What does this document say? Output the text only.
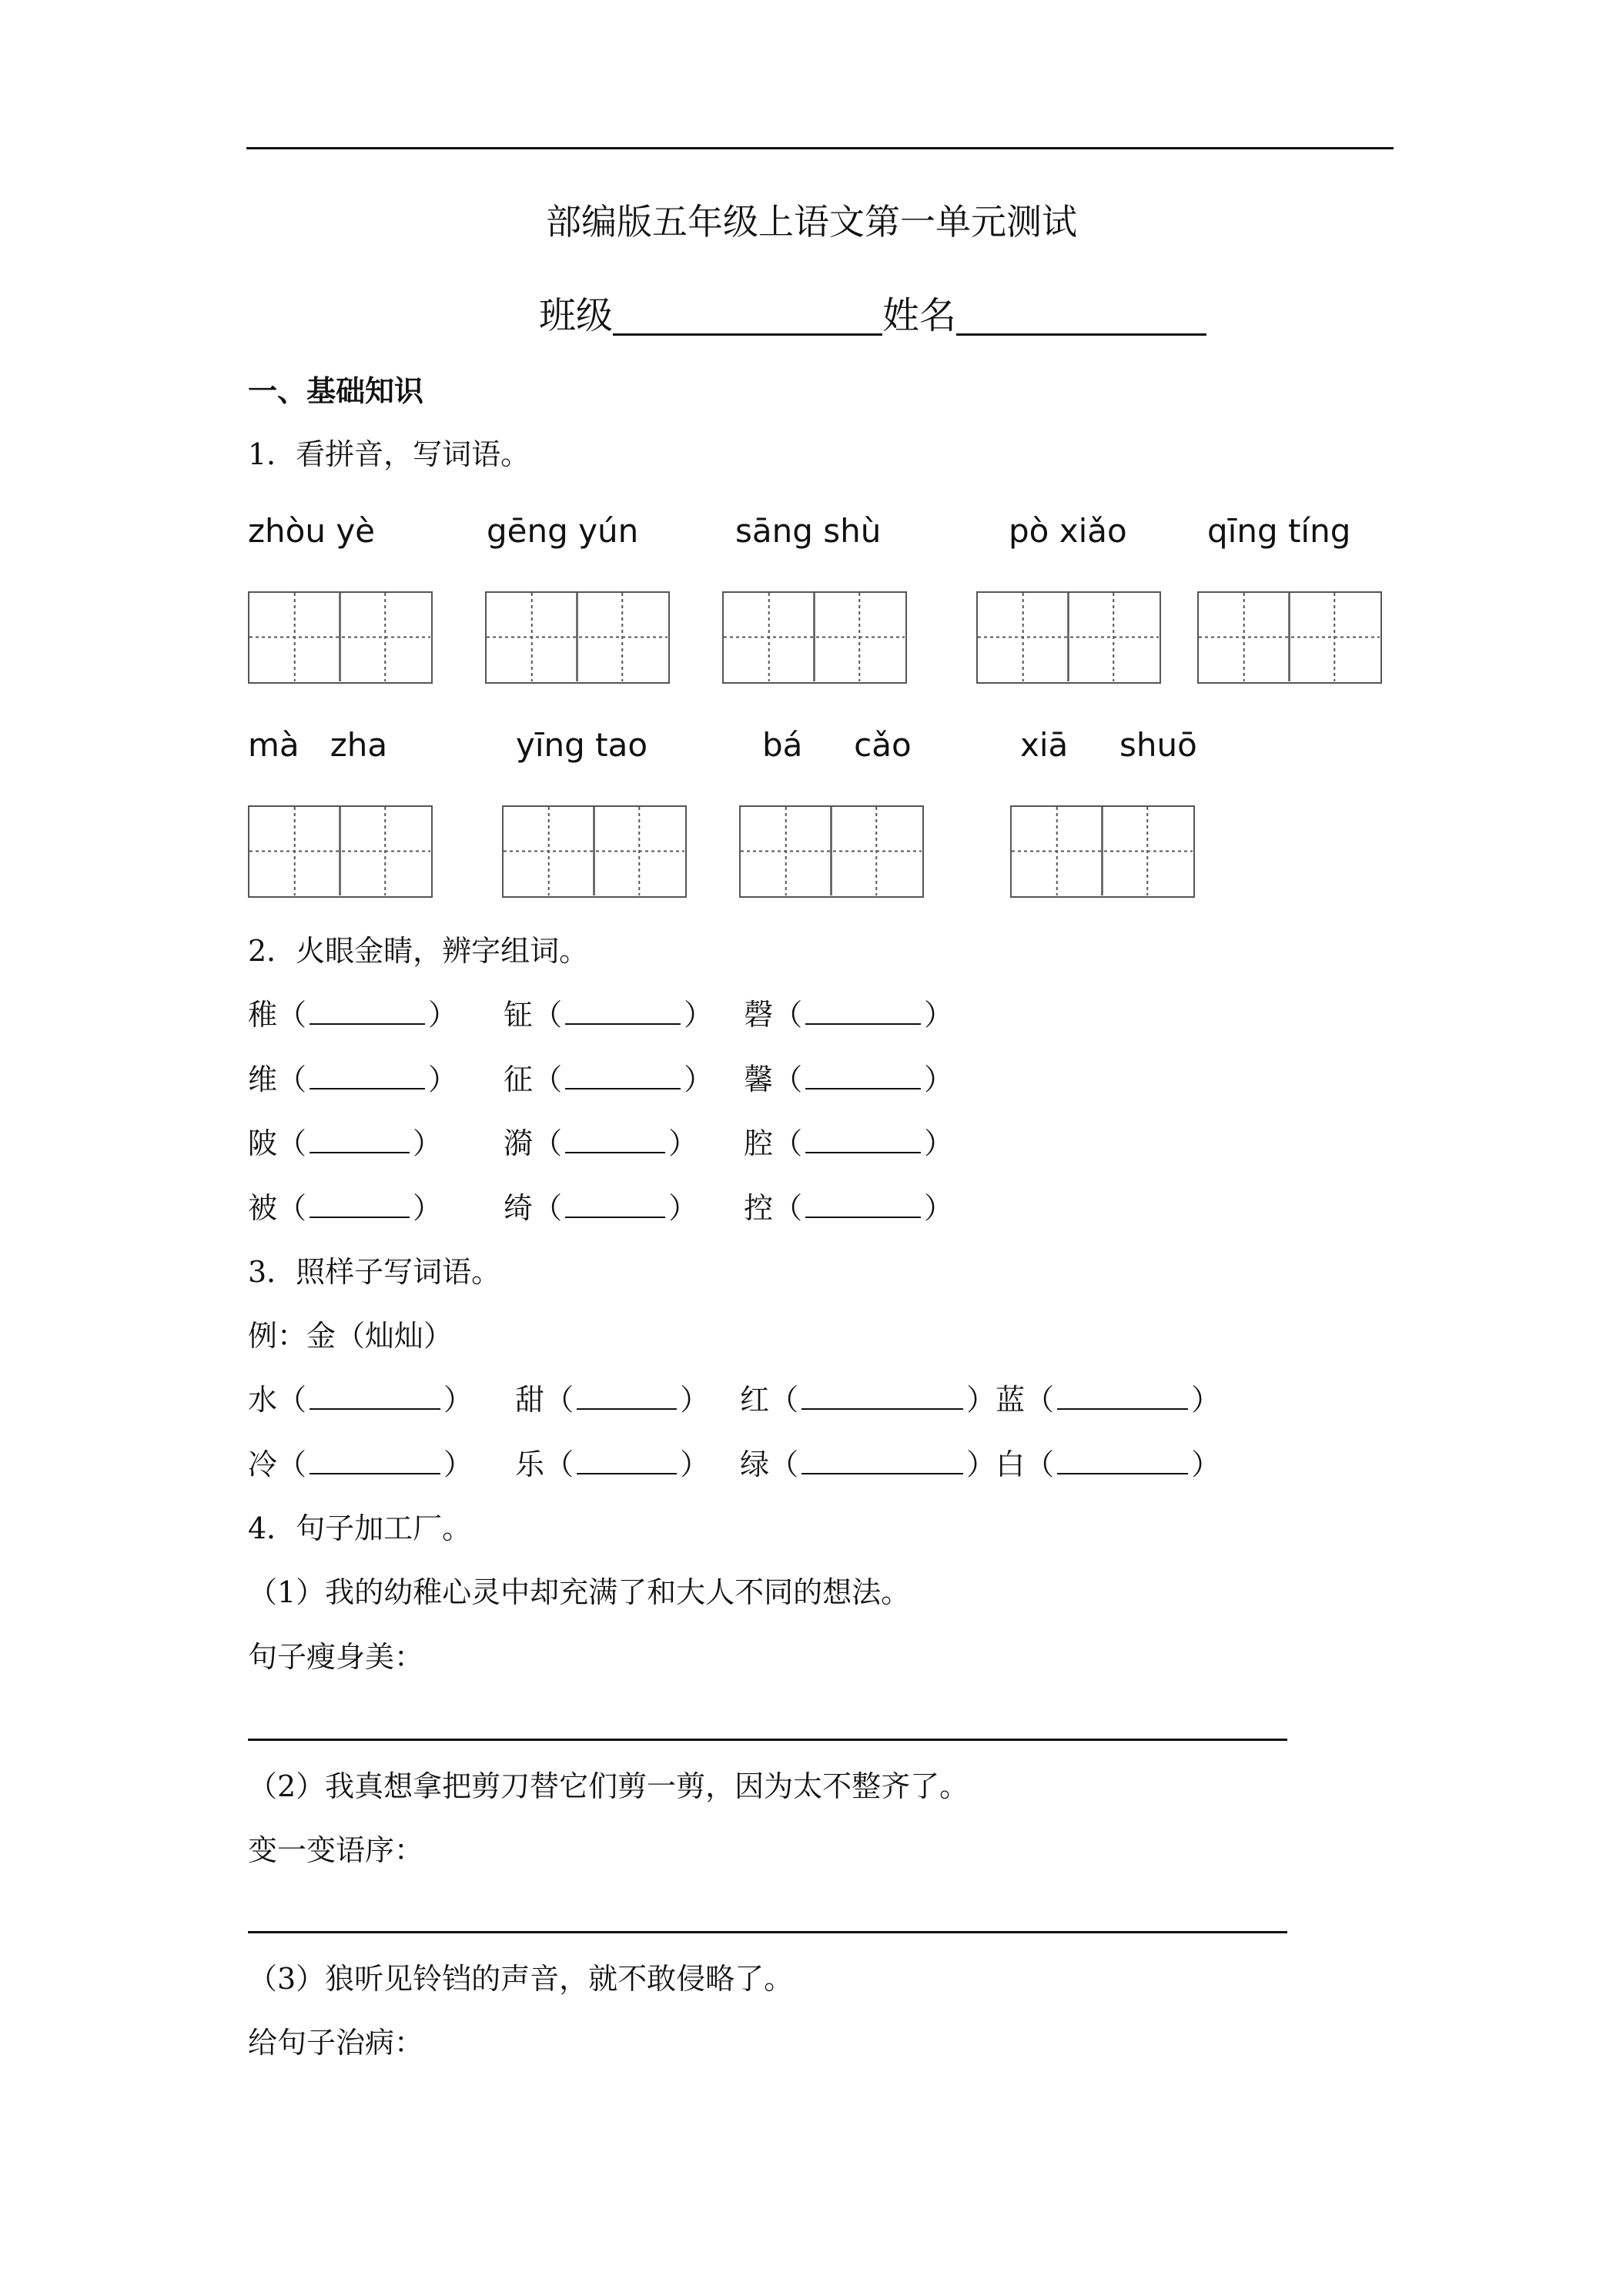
部编版五年级上语文第一单元测试
班级	姓名
一、基础知识
1．看拼音，写词语。
zhòu yè	gēng yún	sāng shù	pò xiǎo qīng tíng
mà   zha	yīng tao	bá     cǎo	xiā     shuō
2．火眼金睛，辨字组词。
稚（	） 钲（	） 磬（	）
维（	） 征（	） 馨（	）
陂（	） 漪（	） 腔（	）
被（	） 绮（	） 控（	）
3．照样子写词语。
例：金（灿灿）
水（	） 甜（	） 红（	）蓝（	）
冷（	） 乐（	） 绿（	）白（	）
4．句子加工厂。
（1）我的幼稚心灵中却充满了和大人不同的想法。
句子瘦身美：
（2）我真想拿把剪刀替它们剪一剪，因为太不整齐了。
变一变语序：
（3）狼听见铃铛的声音，就不敢侵略了。
给句子治病：
